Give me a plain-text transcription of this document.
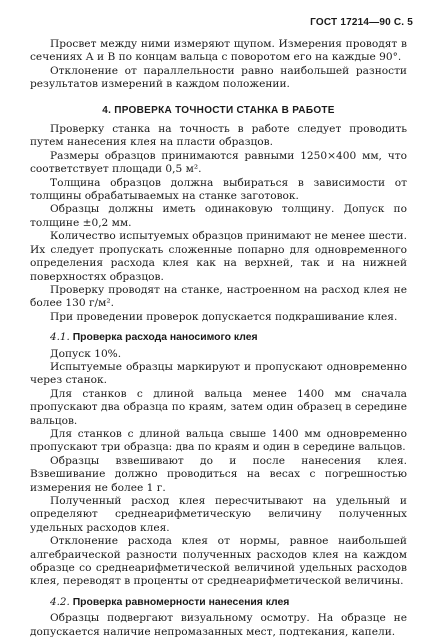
ГОСТ 17214—90 С. 5

Просвет между ними измеряют щупом. Измерения проводят в сечениях А и В по концам вальца с поворотом его на каждые 90°.

Отклонение от параллельности равно наибольшей разности результатов измерений в каждом положении.

4. ПРОВЕРКА ТОЧНОСТИ СТАНКА В РАБОТЕ

Проверку станка на точность в работе следует проводить путем нанесения клея на пласти образцов.

Размеры образцов принимаются равными 1250×400 мм, что соответствует площади 0,5 м².

Толщина образцов должна выбираться в зависимости от толщины обрабатываемых на станке заготовок.

Образцы должны иметь одинаковую толщину. Допуск по толщине ±0,2 мм.

Количество испытуемых образцов принимают не менее шести. Их следует пропускать сложенные попарно для одновременного определения расхода клея как на верхней, так и на нижней поверхностях образцов.

Проверку проводят на станке, настроенном на расход клея не более 130 г/м².

При проведении проверок допускается подкрашивание клея.

4.1. Проверка расхода наносимого клея

Допуск 10%.

Испытуемые образцы маркируют и пропускают одновременно через станок.

Для станков с длиной вальца менее 1400 мм сначала пропускают два образца по краям, затем один образец в середине вальцов.

Для станков с длиной вальца свыше 1400 мм одновременно пропускают три образца: два по краям и один в середине вальцов.

Образцы взвешивают до и после нанесения клея. Взвешивание должно проводиться на весах с погрешностью измерения не более 1 г.

Полученный расход клея пересчитывают на удельный и определяют среднеарифметическую величину полученных удельных расходов клея.

Отклонение расхода клея от нормы, равное наибольшей алгебраической разности полученных расходов клея на каждом образце со среднеарифметической величиной удельных расходов клея, переводят в проценты от среднеарифметической величины.

4.2. Проверка равномерности нанесения клея

Образцы подвергают визуальному осмотру. На образце не допускается наличие непромазанных мест, подтекания, капели.
